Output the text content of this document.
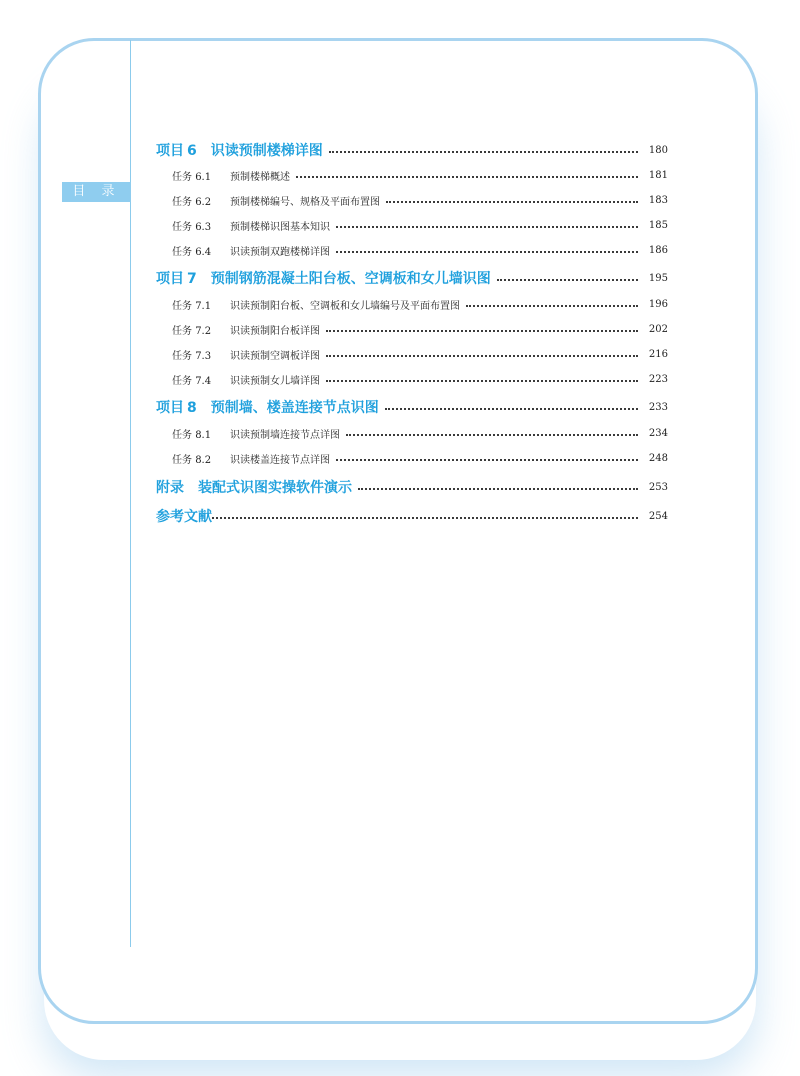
目 录
项目 6 识读预制楼梯详图	180
任务 6.1 预制楼梯概述	181
任务 6.2 预制楼梯编号、规格及平面布置图	183
任务 6.3 预制楼梯识图基本知识	185
任务 6.4 识读预制双跑楼梯详图	186
项目 7 预制钢筋混凝土阳台板、空调板和女儿墙识图	195
任务 7.1 识读预制阳台板、空调板和女儿墙编号及平面布置图	196
任务 7.2 识读预制阳台板详图	202
任务 7.3 识读预制空调板详图	216
任务 7.4 识读预制女儿墙详图	223
项目 8 预制墙、楼盖连接节点识图	233
任务 8.1 识读预制墙连接节点详图	234
任务 8.2 识读楼盖连接节点详图	248
附录 装配式识图实操软件演示	253
参考文献	254
